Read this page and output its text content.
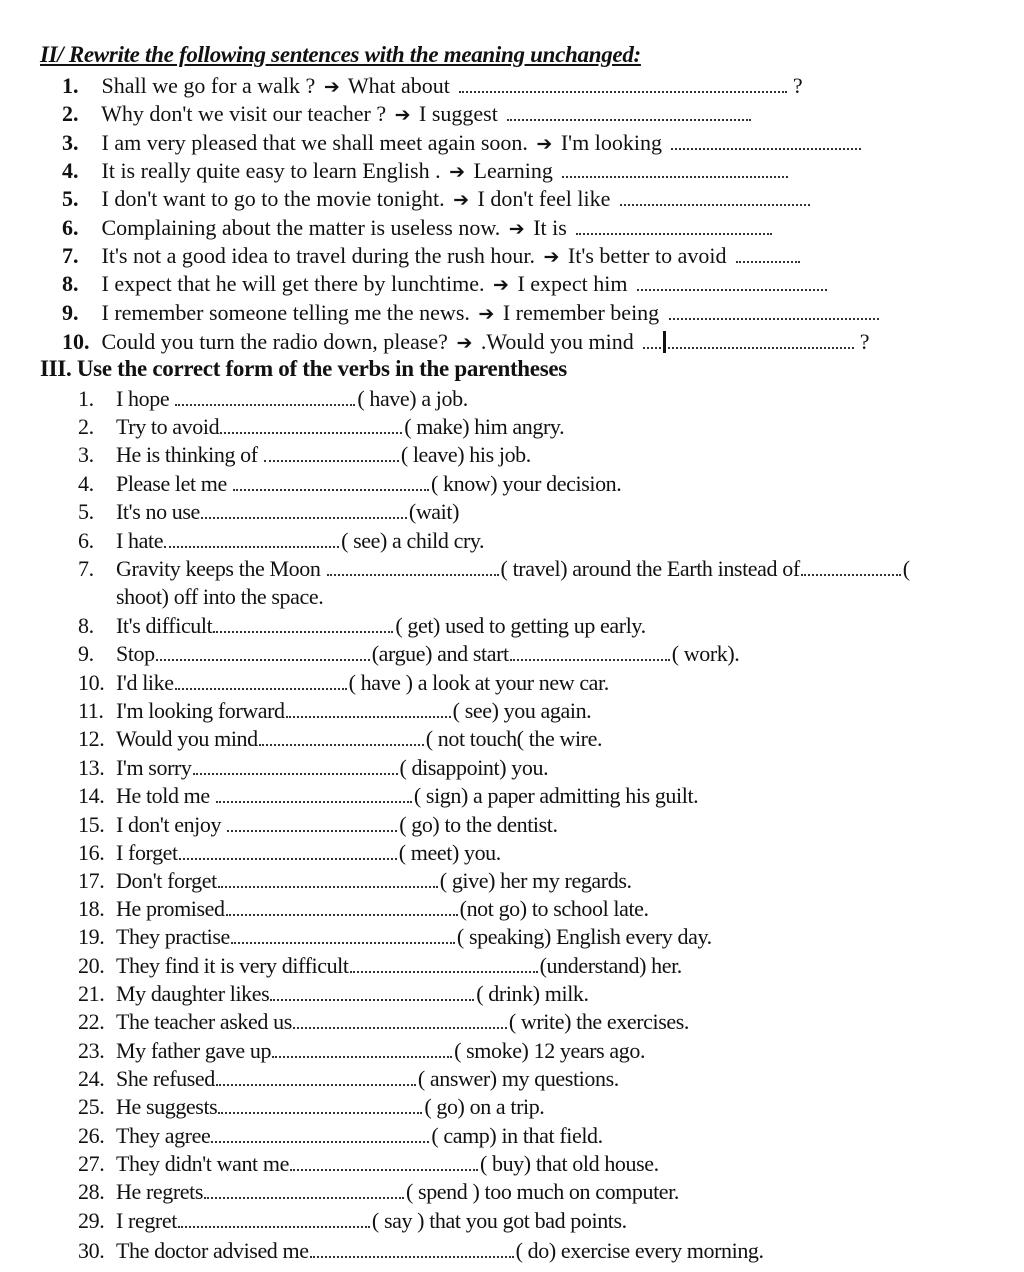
II/ Rewrite the following sentences with the meaning unchanged:
1. Shall we go for a walk ? ➔ What about	?
2. Why don't we visit our teacher ? ➔ I suggest
3. I am very pleased that we shall meet again soon. ➔ I'm looking
4. It is really quite easy to learn English . ➔ Learning
5. I don't want to go to the movie tonight. ➔ I don't feel like
6. Complaining about the matter is useless now. ➔ It is
7. It's not a good idea to travel during the rush hour. ➔ It's better to avoid
8. I expect that he will get there by lunchtime. ➔ I expect him
9. I remember someone telling me the news. ➔ I remember being
10. Could you turn the radio down, please? ➔ .Would you mind	?
III. Use the correct form of the verbs in the parentheses
1. I hope	( have) a job.
2. Try to avoid	( make) him angry.
3. He is thinking of	( leave) his job.
4. Please let me	( know) your decision.
5. It's no use	(wait)
6. I hate	( see) a child cry.
7. Gravity keeps the Moon	( travel) around the Earth instead of	(
shoot) off into the space.
8. It's difficult	( get) used to getting up early.
9. Stop	(argue) and start	( work).
10. I'd like	( have ) a look at your new car.
11. I'm looking forward	( see) you again.
12. Would you mind	( not touch( the wire.
13. I'm sorry	( disappoint) you.
14. He told me	( sign) a paper admitting his guilt.
15. I don't enjoy	( go) to the dentist.
16. I forget	( meet) you.
17. Don't forget	( give) her my regards.
18. He promised	(not go) to school late.
19. They practise	( speaking) English every day.
20. They find it is very difficult	(understand) her.
21. My daughter likes	( drink) milk.
22. The teacher asked us	( write) the exercises.
23. My father gave up	( smoke) 12 years ago.
24. She refused	( answer) my questions.
25. He suggests	( go) on a trip.
26. They agree	( camp) in that field.
27. They didn't want me	( buy) that old house.
28. He regrets	( spend ) too much on computer.
29. I regret	( say ) that you got bad points.
30. The doctor advised me	( do) exercise every morning.
